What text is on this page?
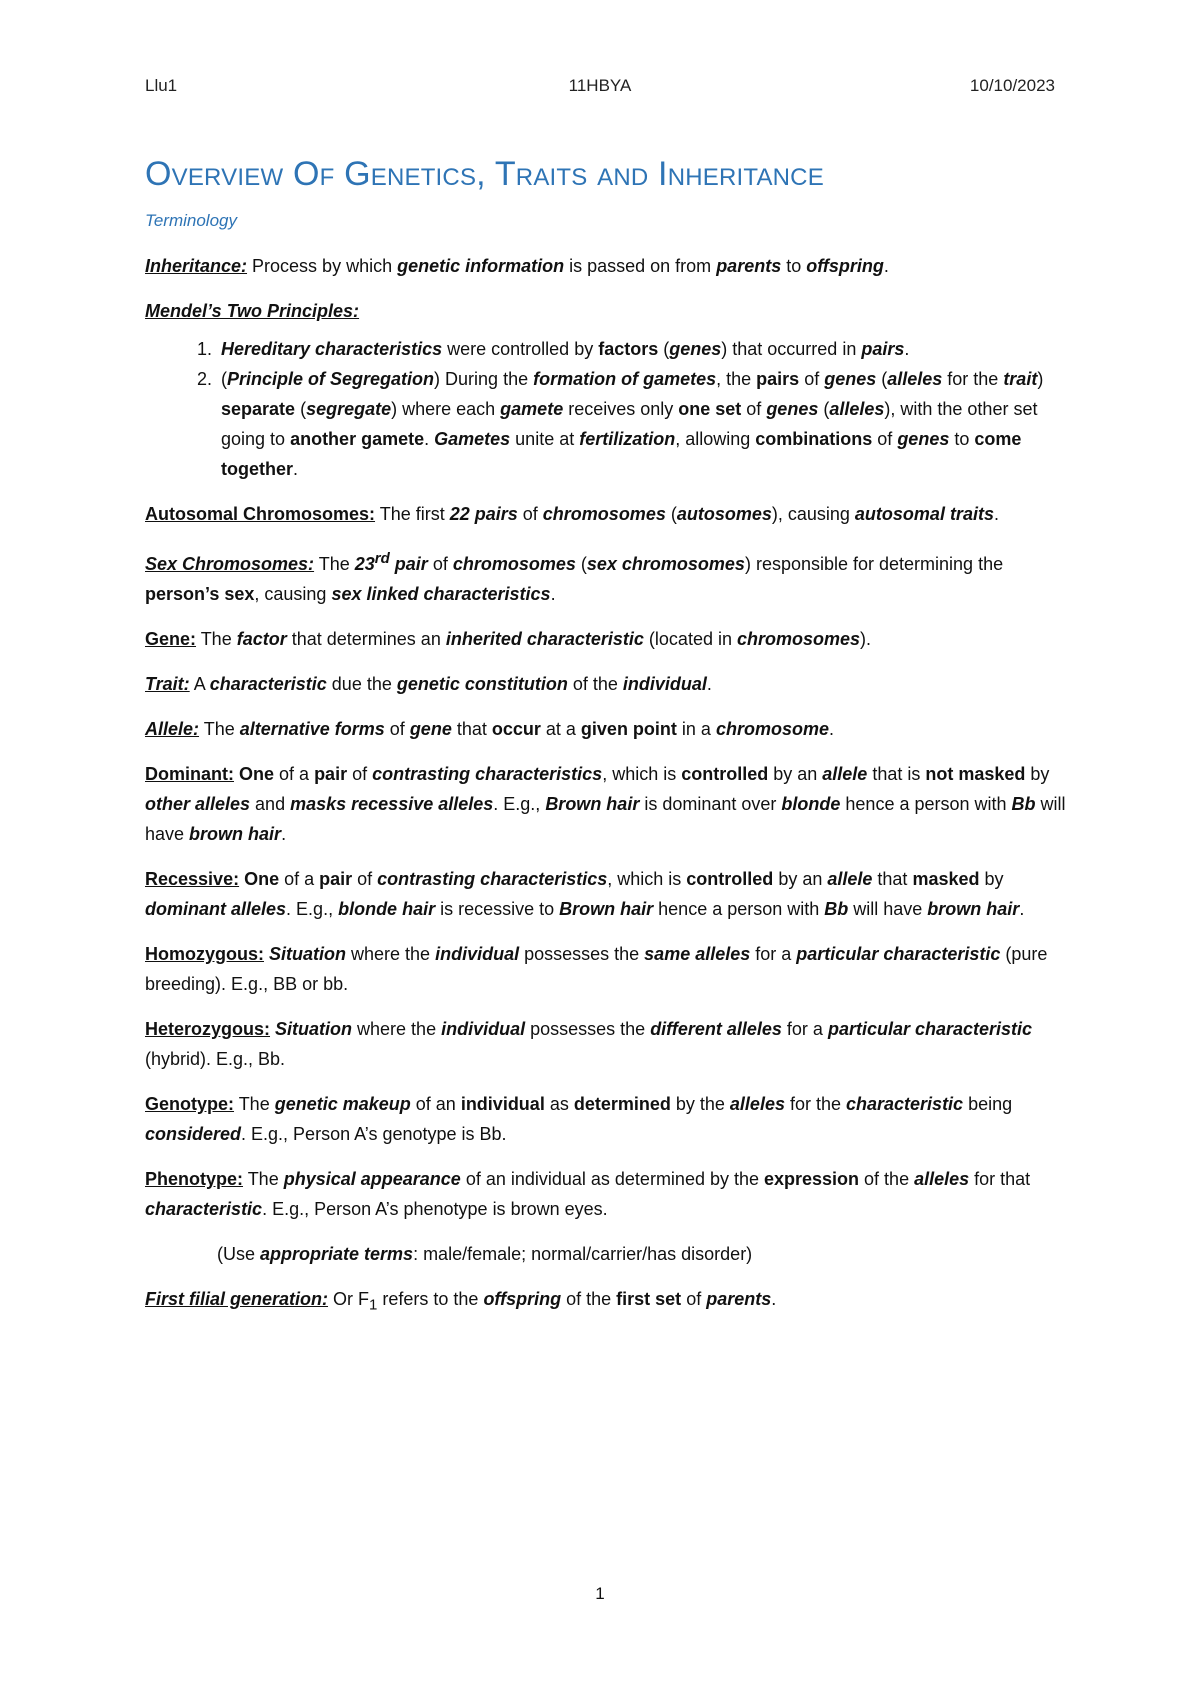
Llu1	11HBYA	10/10/2023
Overview Of Genetics, Traits and Inheritance
Terminology

Inheritance: Process by which genetic information is passed on from parents to offspring.

Mendel’s Two Principles:

1. Hereditary characteristics were controlled by factors (genes) that occurred in pairs.
2. (Principle of Segregation) During the formation of gametes, the pairs of genes (alleles for the trait) separate (segregate) where each gamete receives only one set of genes (alleles), with the other set going to another gamete. Gametes unite at fertilization, allowing combinations of genes to come together.

Autosomal Chromosomes: The first 22 pairs of chromosomes (autosomes), causing autosomal traits.

Sex Chromosomes: The 23rd pair of chromosomes (sex chromosomes) responsible for determining the person’s sex, causing sex linked characteristics.

Gene: The factor that determines an inherited characteristic (located in chromosomes).

Trait: A characteristic due the genetic constitution of the individual.

Allele: The alternative forms of gene that occur at a given point in a chromosome.

Dominant: One of a pair of contrasting characteristics, which is controlled by an allele that is not masked by other alleles and masks recessive alleles. E.g., Brown hair is dominant over blonde hence a person with Bb will have brown hair.

Recessive: One of a pair of contrasting characteristics, which is controlled by an allele that masked by dominant alleles. E.g., blonde hair is recessive to Brown hair hence a person with Bb will have brown hair.

Homozygous: Situation where the individual possesses the same alleles for a particular characteristic (pure breeding). E.g., BB or bb.

Heterozygous: Situation where the individual possesses the different alleles for a particular characteristic (hybrid). E.g., Bb.

Genotype: The genetic makeup of an individual as determined by the alleles for the characteristic being considered. E.g., Person A’s genotype is Bb.

Phenotype: The physical appearance of an individual as determined by the expression of the alleles for that characteristic. E.g., Person A’s phenotype is brown eyes.

(Use appropriate terms: male/female; normal/carrier/has disorder)

First filial generation: Or $F_1$ refers to the offspring of the first set of parents.

1
